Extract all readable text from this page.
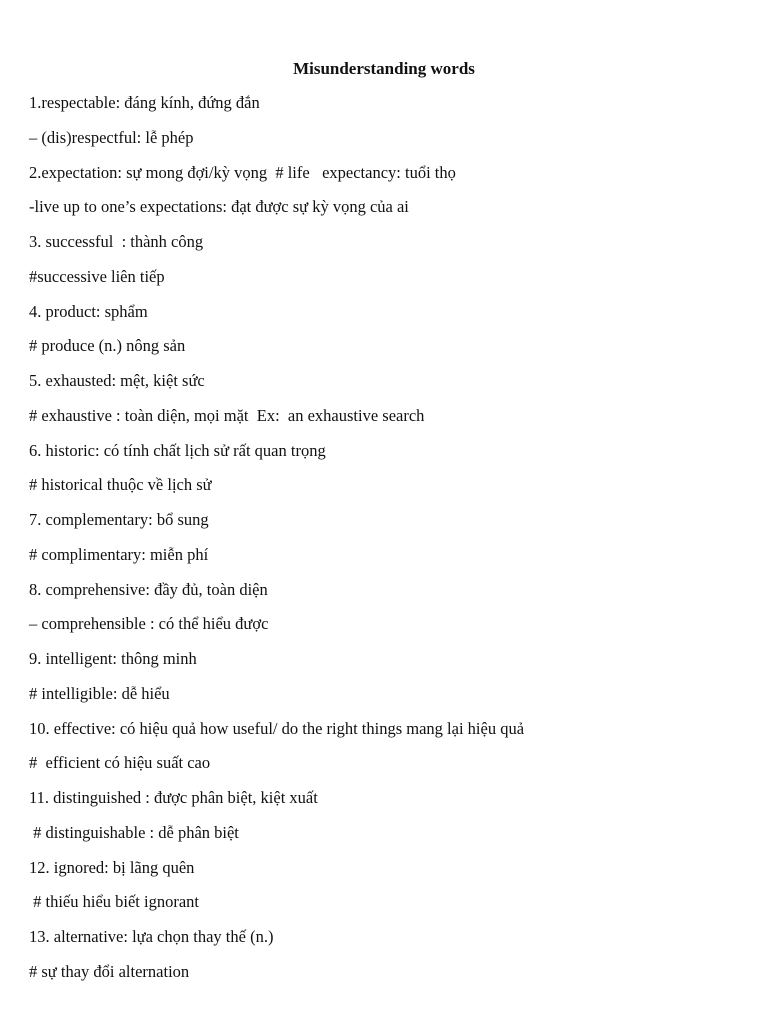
Misunderstanding words
1.respectable: đáng kính, đứng đắn
– (dis)respectful: lễ phép
2.expectation: sự mong đợi/kỳ vọng  # life   expectancy: tuổi thọ
-live up to one’s expectations: đạt được sự kỳ vọng của ai
3. successful  : thành công
#successive liên tiếp
4. product: sphẩm
# produce (n.) nông sản
5. exhausted: mệt, kiệt sức
# exhaustive : toàn diện, mọi mặt  Ex:  an exhaustive search
6. historic: có tính chất lịch sử rất quan trọng
# historical thuộc về lịch sử
7. complementary: bổ sung
# complimentary: miễn phí
8. comprehensive: đầy đủ, toàn diện
– comprehensible : có thể hiểu được
9. intelligent: thông minh
# intelligible: dễ hiểu
10. effective: có hiệu quả how useful/ do the right things mang lại hiệu quả
#  efficient có hiệu suất cao
11. distinguished : được phân biệt, kiệt xuất
# distinguishable : dễ phân biệt
12. ignored: bị lãng quên
# thiếu hiểu biết ignorant
13. alternative: lựa chọn thay thế (n.)
# sự thay đổi alternation
